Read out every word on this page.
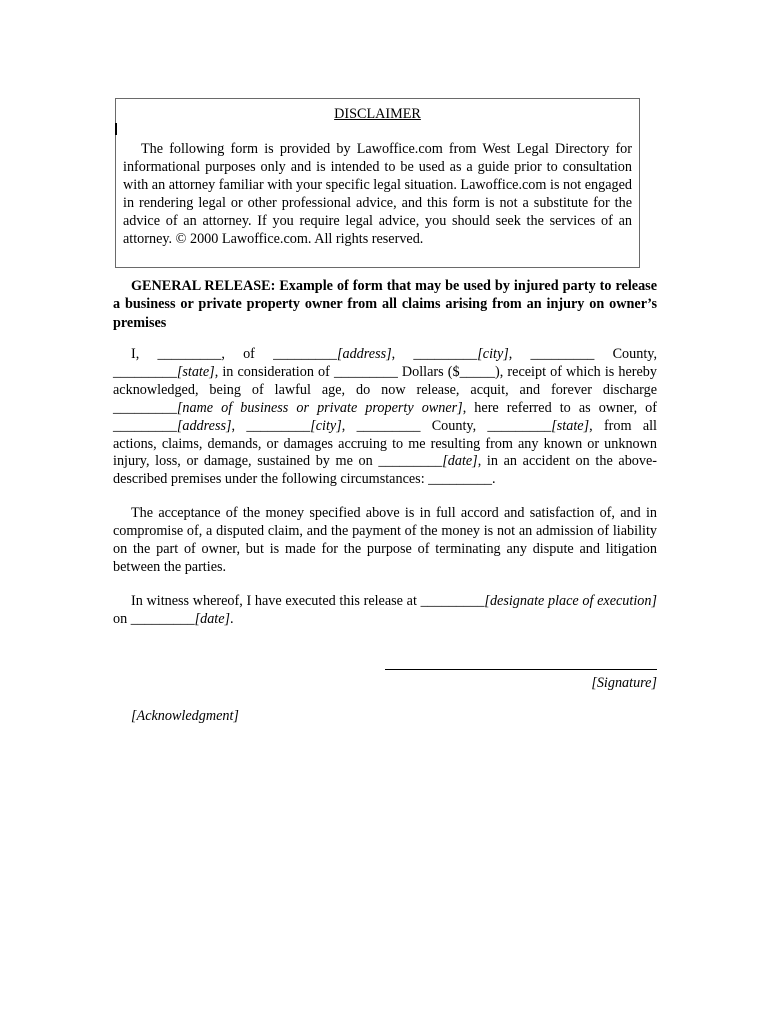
DISCLAIMER

The following form is provided by Lawoffice.com from West Legal Directory for informational purposes only and is intended to be used as a guide prior to consultation with an attorney familiar with your specific legal situation. Lawoffice.com is not engaged in rendering legal or other professional advice, and this form is not a substitute for the advice of an attorney. If you require legal advice, you should seek the services of an attorney. © 2000 Lawoffice.com. All rights reserved.

GENERAL RELEASE: Example of form that may be used by injured party to release a business or private property owner from all claims arising from an injury on owner’s premises

I, _________, of _________[address], _________[city], _________ County, _________[state], in consideration of _________ Dollars ($_____), receipt of which is hereby acknowledged, being of lawful age, do now release, acquit, and forever discharge _________[name of business or private property owner], here referred to as owner, of _________[address], _________[city], _________ County, _________[state], from all actions, claims, demands, or damages accruing to me resulting from any known or unknown injury, loss, or damage, sustained by me on _________[date], in an accident on the above-described premises under the following circumstances: _________.

The acceptance of the money specified above is in full accord and satisfaction of, and in compromise of, a disputed claim, and the payment of the money is not an admission of liability on the part of owner, but is made for the purpose of terminating any dispute and litigation between the parties.

In witness whereof, I have executed this release at _________[designate place of execution] on _________[date].

[Signature]
[Acknowledgment]
